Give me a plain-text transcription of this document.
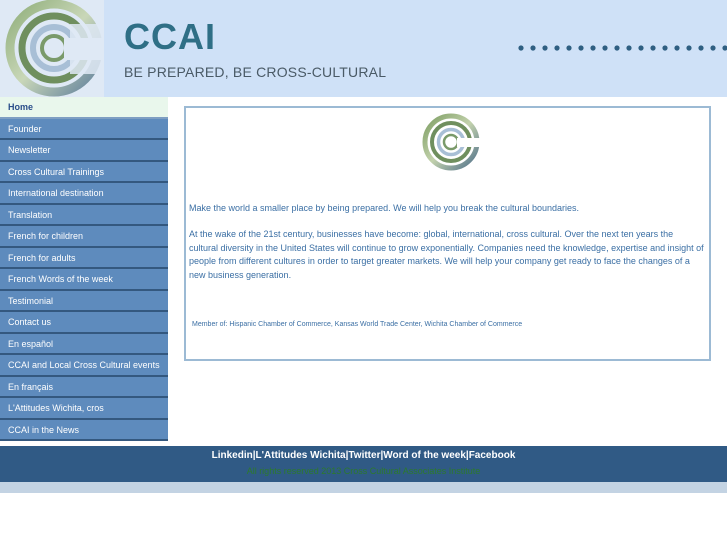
CCAI
BE PREPARED, BE CROSS-CULTURAL
Home
Founder
Newsletter
Cross Cultural Trainings
International destination
Translation
French for children
French for adults
French Words of the week
Testimonial
Contact us
En español
CCAI and Local Cross Cultural events
En français
L'Attitudes Wichita, cros
CCAI in the News

Make the world a smaller place by being prepared. We will help you break the cultural boundaries.

At the wake of the 21st century, businesses have become: global, international, cross cultural. Over the next ten years the cultural diversity in the United States will continue to grow exponentially. Companies need the knowledge, expertise and insight of people from different cultures in order to target greater markets. We will help your company get ready to face the changes of a new business generation.

Member of: Hispanic Chamber of Commerce, Kansas World Trade Center, Wichita Chamber of Commerce

Linkedin|L'Attitudes Wichita|Twitter|Word of the week|Facebook
All rights reserved 2013 Cross Cultural Associates Institute
